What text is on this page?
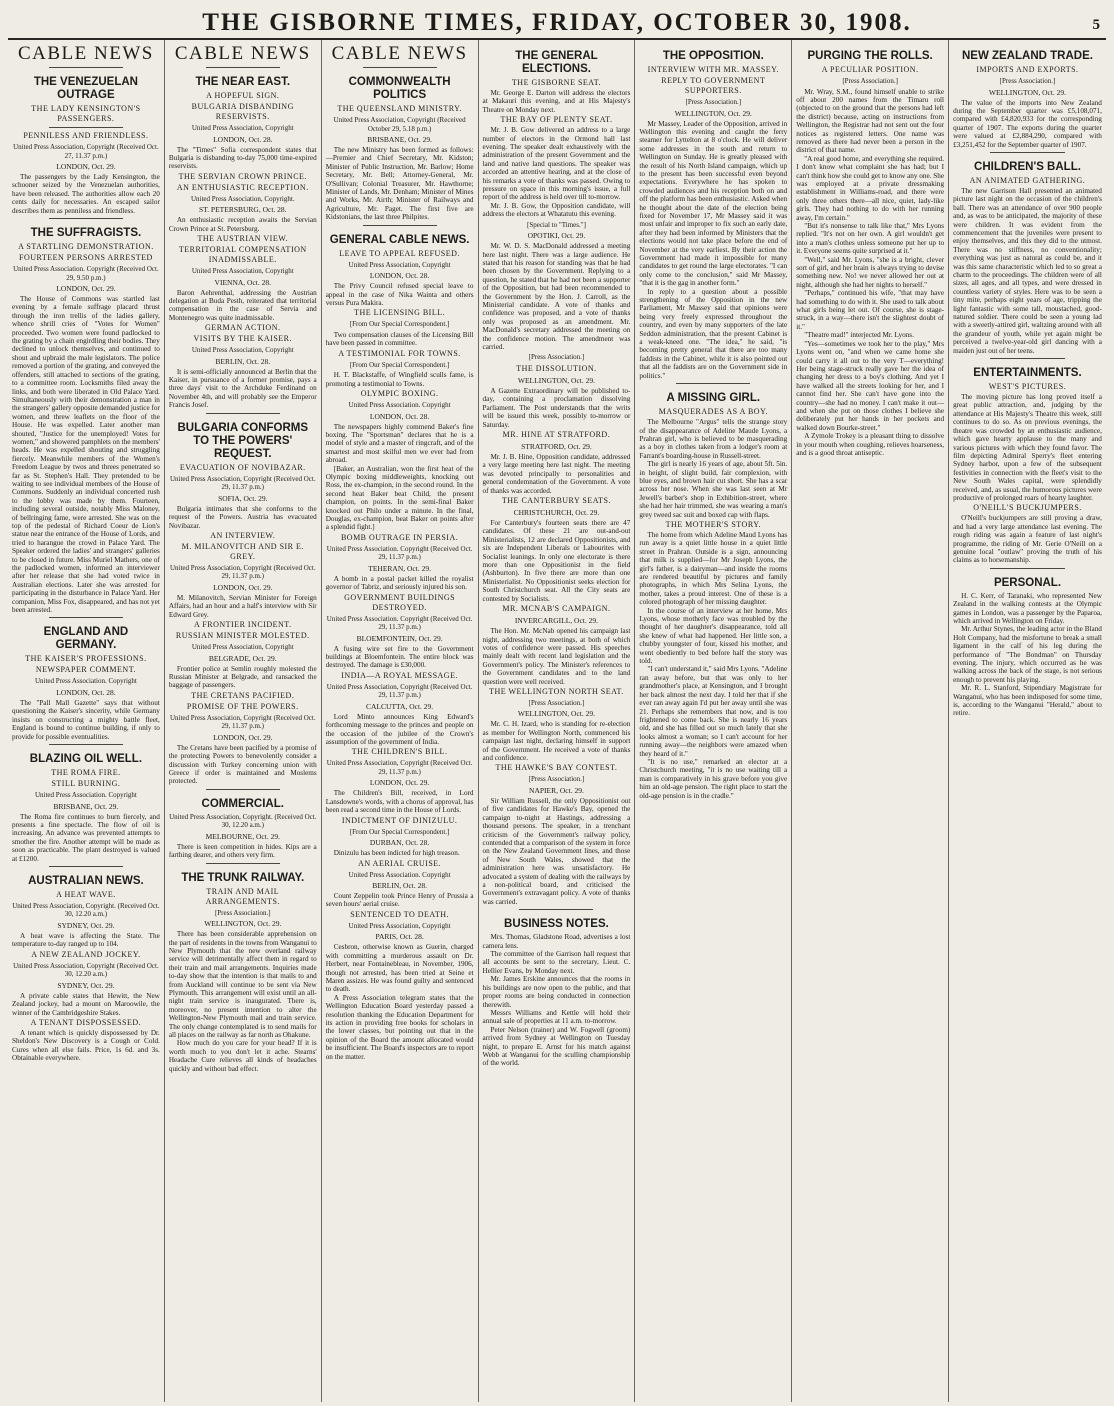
THE GISBORNE TIMES, FRIDAY, OCTOBER 30, 1908.	5
CABLE NEWS
THE VENEZUELAN OUTRAGE
THE LADY KENSINGTON'S PASSENGERS.
PENNILESS AND FRIENDLESS.
United Press Association, Copyright (Received Oct. 27, 11.37 p.m.)
LONDON, Oct. 29.

The passengers by the Lady Kensington, the schooner seized by the Venezuelan authorities, have been released. The authorities allow each 20 cents daily for necessaries. An escaped sailor describes them as penniless and friendless.

THE SUFFRAGISTS.
A STARTLING DEMONSTRATION.
FOURTEEN PERSONS ARRESTED
United Press Association. Copyright (Received Oct. 29, 9.50 p.m.)
LONDON, Oct. 29.

The House of Commons was startled last evening by a female suffrage placard thrust through the iron trellis of the ladies gallery, whence shrill cries of "Votes for Women" proceeded. Two women were found padlocked to the grating by a chain engirdling their bodies. They declined to unlock themselves, and continued to shout and upbraid the male legislators. The police removed a portion of the grating, and conveyed the offenders, still attached to sections of the grating, to a committee room. Locksmiths filed away the links, and both were liberated in Old Palace Yard. Simultaneously with their demonstration a man in the strangers' gallery opposite demanded justice for women, and threw leaflets on the floor of the House. He was expelled. Later another man shouted, "Justice for the unemployed! Votes for women," and showered pamphlets on the members' heads. He was expelled shouting and struggling fiercely. Meanwhile members of the Women's Freedom League by twos and threes penetrated so far as St. Stephen's Hall. They pretended to be waiting to see individual members of the House of Commons. Suddenly an individual concerted rush to the lobby was made by them. Fourteen, including several outside, notably Miss Maloney, of bellringing fame, were arrested. She was on the top of the pedestal of Richard Coeur de Lion's statue near the entrance of the House of Lords, and tried to harangue the crowd in Palace Yard. The Speaker ordered the ladies' and strangers' galleries to be closed in future. Miss Muriel Mathers, one of the padlocked women, informed an interviewer after her release that she had voted twice in Australian elections. Later she was arrested for participating in the disturbance in Palace Yard. Her companion, Miss Fox, disappeared, and has not yet been arrested.

ENGLAND AND GERMANY.
THE KAISER'S PROFESSIONS.
NEWSPAPER COMMENT.
United Press Association. Copyright
LONDON, Oct. 28.

The "Pall Mall Gazette" says that without questioning the Kaiser's sincerity, while Germany insists on constructing a mighty battle fleet, England is bound to continue building, if only to provide for possible eventualities.

BLAZING OIL WELL.
THE ROMA FIRE.
STILL BURNING.
United Press Association. Copyright
BRISBANE, Oct. 29.

The Roma fire continues to burn fiercely, and presents a fine spectacle. The flow of oil is increasing. An advance was prevented attempts to smother the fire. Another attempt will be made as soon as practicable. The plant destroyed is valued at £1200.

AUSTRALIAN NEWS.
A HEAT WAVE.
United Press Association, Copyright. (Received Oct. 30, 12.20 a.m.)
SYDNEY, Oct. 29.

A heat wave is affecting the State. The temperature to-day ranged up to 104.

A NEW ZEALAND JOCKEY.
United Press Association, Copyright (Received Oct. 30, 12.20 a.m.)
SYDNEY, Oct. 29.

A private cable states that Hewitt, the New Zealand jockey, had a mount on Maroowile, the winner of the Cambridgeshire Stakes.

A TENANT DISPOSSESSED.

A tenant which is quickly dispossessed by Dr. Sheldon's New Discovery is a Cough or Cold. Cures when all else fails. Price, 1s 6d. and 3s. Obtainable everywhere.

CABLE NEWS
THE NEAR EAST.
A HOPEFUL SIGN.
BULGARIA DISBANDING RESERVISTS.
United Press Association, Copyright
LONDON, Oct. 28.

The "Times" Sofia correspondent states that Bulgaria is disbanding to-day 75,000 time-expired reservists.

THE SERVIAN CROWN PRINCE.
AN ENTHUSIASTIC RECEPTION.
United Press Association, Copyright.
ST. PETERSBURG, Oct. 28.

An enthusiastic reception awaits the Servian Crown Prince at St. Petersburg.

THE AUSTRIAN VIEW.
TERRITORIAL COMPENSATION INADMISSABLE.
United Press Association, Copyright
VIENNA, Oct. 28.

Baron Aehrenthal, addressing the Austrian delegation at Buda Pesth, reiterated that territorial compensation in the case of Servia and Montenegro was quite inadmissable.

GERMAN ACTION.
VISITS BY THE KAISER.
United Press Association, Copyright
BERLIN, Oct. 28.

It is semi-officially announced at Berlin that the Kaiser, in pursuance of a former promise, pays a three days' visit to the Archduke Ferdinand on November 4th, and will probably see the Emperor Francis Josef.

BULGARIA CONFORMS TO THE POWERS' REQUEST.
EVACUATION OF NOVIBAZAR.
United Press Association, Copyright (Received Oct. 29, 11.37 p.m.)
SOFIA, Oct. 29.

Bulgaria intimates that she conforms to the request of the Powers. Austria has evacuated Novibazar.

AN INTERVIEW.
M. MILANOVITCH AND SIR E. GREY.
United Press Association, Copyright (Received Oct. 29, 11.37 p.m.)
LONDON, Oct. 29.

M. Milanovitch, Servian Minister for Foreign Affairs, had an hour and a half's interview with Sir Edward Grey.

A FRONTIER INCIDENT.
RUSSIAN MINISTER MOLESTED.
United Press Association, Copyright
BELGRADE, Oct. 29.

Frontier police at Semlin roughly molested the Russian Minister at Belgrade, and ransacked the baggage of passengers.

THE CRETANS PACIFIED.
PROMISE OF THE POWERS.
United Press Association, Copyright (Received Oct. 29, 11.37 p.m.)
LONDON, Oct. 29.

The Cretans have been pacified by a promise of the protecting Powers to benevolently consider a discussion with Turkey concerning union with Greece if order is maintained and Moslems protected.

COMMERCIAL.
United Press Association, Copyright. (Received Oct. 30, 12.20 a.m.)
MELBOURNE, Oct. 29.

There is keen competition in hides. Kips are a farthing dearer, and others very firm.

THE TRUNK RAILWAY.
TRAIN AND MAIL ARRANGEMENTS.
[Press Association.]
WELLINGTON, Oct. 29.

There has been considerable apprehension on the part of residents in the towns from Wanganui to New Plymouth that the new overland railway service will detrimentally affect them in regard to their train and mail arrangements. Inquiries made to-day show that the intention is that mails to and from Auckland will continue to be sent via New Plymouth. This arrangement will exist until an all-night train service is inaugurated. There is, moreover, no present intention to alter the Wellington-New Plymouth mail and train service. The only change contemplated is to send mails for all places on the railway as far north as Ohakune.

How much do you care for your head? If it is worth much to you don't let it ache. Stearns' Headache Cure relieves all kinds of headaches quickly and without bad effect.

CABLE NEWS
COMMONWEALTH POLITICS
THE QUEENSLAND MINISTRY.
United Press Association, Copyright (Received October 29, 5.18 p.m.)
BRISBANE, Oct. 29.

The new Ministry has been formed as follows:—Premier and Chief Secretary, Mr. Kidston; Minister of Public Instruction, Mr. Barlow; Home Secretary, Mr. Bell; Attorney-General, Mr. O'Sullivan; Colonial Treasurer, Mr. Hawthorne; Minister of Lands, Mr. Denham; Minister of Mines and Works, Mr. Airth; Minister of Railways and Agriculture, Mr. Paget. The first five are Kidstonians, the last three Philpites.

GENERAL CABLE NEWS.
LEAVE TO APPEAL REFUSED.
United Press Association, Copyright
LONDON, Oct. 28.

The Privy Council refused special leave to appeal in the case of Nika Wainta and others versus Pura Makira.

THE LICENSING BILL.
[From Our Special Correspondent.]

Two compensation clauses of the Licensing Bill have been passed in committee.

A TESTIMONIAL FOR TOWNS.
[From Our Special Correspondent.]

H. T. Blackstaffe, of Wingfield sculls fame, is promoting a testimonial to Towns.

OLYMPIC BOXING.
United Press Association. Copyright
LONDON, Oct. 28.

The newspapers highly commend Baker's fine boxing. The "Sportsman" declares that he is a model of style and a master of ringcraft, and of the smartest and most skilful men we ever had from abroad.

[Baker, an Australian, won the first heat of the Olympic boxing middleweights, knocking out Ross, the ex-champion, in the second round. In the second heat Baker beat Child, the present champion, on points. In the semi-final Baker knocked out Philo under a minute. In the final, Douglas, ex-champion, beat Baker on points after a splendid fight.]

BOMB OUTRAGE IN PERSIA.
United Press Association. Copyright (Received Oct. 29, 11.37 p.m.)
TEHERAN, Oct. 29.

A bomb in a postal packet killed the royalist governor of Tabriz, and seriously injured his son.

GOVERNMENT BUILDINGS DESTROYED.
United Press Association. Copyright (Received Oct. 29, 11.37 p.m.)
BLOEMFONTEIN, Oct. 29.

A fusing wire set fire to the Government buildings at Bloemfontein. The entire block was destroyed. The damage is £30,000.

INDIA—A ROYAL MESSAGE.
United Press Association, Copyright (Received Oct. 29, 11.37 p.m.)
CALCUTTA, Oct. 29.

Lord Minto announces King Edward's forthcoming message to the princes and people on the occasion of the jubilee of the Crown's assumption of the government of India.

THE CHILDREN'S BILL.
United Press Association, Copyright (Received Oct. 29, 11.37 p.m.)
LONDON, Oct. 29.

The Children's Bill, received, in Lord Lansdowne's words, with a chorus of approval, has been read a second time in the House of Lords.

INDICTMENT OF DINIZULU.
[From Our Special Correspondent.]
DURBAN, Oct. 28.

Dinizulu has been indicted for high treason.

AN AERIAL CRUISE.
United Press Association. Copyright
BERLIN, Oct. 28.

Count Zeppelin took Prince Henry of Prussia a seven hours' aerial cruise.

SENTENCED TO DEATH.
United Press Association, Copyright
PARIS, Oct. 28.

Cesbron, otherwise known as Guerin, charged with committing a murderous assault on Dr. Herbert, near Fontainebleau, in November, 1906, though not arrested, has been tried at Seine et Maren assizes. He was found guilty and sentenced to death.

A Press Association telegram states that the Wellington Education Board yesterday passed a resolution thanking the Education Department for its action in providing free books for scholars in the lower classes, but pointing out that in the opinion of the Board the amount allocated would be insufficient. The Board's inspectors are to report on the matter.

THE GENERAL ELECTIONS.
THE GISBORNE SEAT.

Mr. George E. Darton will address the electors at Makauri this evening, and at His Majesty's Theatre on Monday next.

THE BAY OF PLENTY SEAT.

Mr. J. B. Gow delivered an address to a large number of electors in the Ormond hall last evening. The speaker dealt exhaustively with the administration of the present Government and the land and native land questions. The speaker was accorded an attentive hearing, and at the close of his remarks a vote of thanks was passed. Owing to pressure on space in this morning's issue, a full report of the address is held over till to-morrow.

Mr. J. B. Gow, the Opposition candidate, will address the electors at Whatatutu this evening.

[Special to "Times."]
OPOTIKI, Oct. 29.

Mr. W. D. S. MacDonald addressed a meeting here last night. There was a large audience. He stated that his reason for standing was that he had been chosen by the Government. Replying to a question, he stated that he had not been a supporter of the Opposition, but had been recommended to the Government by the Hon. J. Carroll, as the Ministerial candidate. A vote of thanks and confidence was proposed, and a vote of thanks only was proposed as an amendment. Mr. MacDonald's secretary addressed the meeting on the confidence motion. The amendment was carried.

[Press Association.]
THE DISSOLUTION.
WELLINGTON, Oct. 29.

A Gazette Extraordinary will be published to-day, containing a proclamation dissolving Parliament. The Post understands that the writs will be issued this week, possibly to-morrow or Saturday.

MR. HINE AT STRATFORD.
STRATFORD, Oct. 29.

Mr. J. B. Hine, Opposition candidate, addressed a very large meeting here last night. The meeting was devoted principally to personalities and general condemnation of the Government. A vote of thanks was accorded.

THE CANTERBURY SEATS.
CHRISTCHURCH, Oct. 29.

For Canterbury's fourteen seats there are 47 candidates. Of these 21 are out-and-out Ministerialists, 12 are declared Oppositionists, and six are Independent Liberals or Labourites with Socialist leanings. In only one electorate is there more than one Oppositionist in the field (Ashburton). In five there are more than one Ministerialist. No Oppositionist seeks election for South Christchurch seat. All the City seats are contested by Socialists.

MR. MCNAB'S CAMPAIGN.
INVERCARGILL, Oct. 29.

The Hon. Mr. McNab opened his campaign last night, addressing two meetings, at both of which votes of confidence were passed. His speeches mainly dealt with recent land legislation and the Government's policy. The Minister's references to the Government candidates and to the land question were well received.

THE WELLINGTON NORTH SEAT.
[Press Association.]
WELLINGTON, Oct. 29.

Mr. C. H. Izard, who is standing for re-election as member for Wellington North, commenced his campaign last night, declaring himself in support of the Government. He received a vote of thanks and confidence.

THE HAWKE'S BAY CONTEST.
[Press Association.]
NAPIER, Oct. 29.

Sir William Russell, the only Oppositionist out of five candidates for Hawke's Bay, opened the campaign to-night at Hastings, addressing a thousand persons. The speaker, in a trenchant criticism of the Government's railway policy, contended that a comparison of the system in force on the New Zealand Government lines, and those of New South Wales, showed that the administration here was unsatisfactory. He advocated a system of dealing with the railways by a non-political board, and criticised the Government's extravagant policy. A vote of thanks was carried.

BUSINESS NOTES.

Mrs. Thomas, Gladstone Road, advertises a lost camera lens.

The committee of the Garrison hall request that all accounts be sent to the secretary, Lieut. C. Hellier Evans, by Monday next.

Mr. James Erskine announces that the rooms in his buildings are now open to the public, and that proper rooms are being conducted in connection therewith.

Messrs Williams and Kettle will hold their annual sale of properties at 11 a.m. to-morrow.

Peter Nelson (trainer) and W. Fogwell (groom) arrived from Sydney at Wellington on Tuesday night, to prepare E. Arnst for his match against Webb at Wanganui for the sculling championship of the world.

THE OPPOSITION.
INTERVIEW WITH MR. MASSEY.
REPLY TO GOVERNMENT SUPPORTERS.
[Press Association.]
WELLINGTON, Oct. 29.

Mr Massey, Leader of the Opposition, arrived in Wellington this evening and caught the ferry steamer for Lyttelton at 8 o'clock. He will deliver some addresses in the south and return to Wellington on Sunday. He is greatly pleased with the result of his North Island campaign, which up to the present has been successful even beyond expectations. Everywhere he has spoken to crowded audiences and his reception both on and off the platform has been enthusiastic. Asked when he thought about the date of the election being fixed for November 17, Mr Massey said it was most unfair and improper to fix such an early date, after they had been informed by Ministers that the elections would not take place before the end of November at the very earliest. By their action the Government had made it impossible for many candidates to get round the large electorates. "I can only come to the conclusion," said Mr Massey, "that it is the gag in another form."

In reply to a question about a possible strengthening of the Opposition in the new Parliament, Mr Massey said that opinions were being very freely expressed throughout the country, and even by many supporters of the late Seddon administration, that the present Cabinet is a weak-kneed one. "The idea," he said, "is becoming pretty general that there are too many faddists in the Cabinet, while it is also pointed out that all the faddists are on the Government side in politics."

A MISSING GIRL.
MASQUERADES AS A BOY.

The Melbourne "Argus" tells the strange story of the disappearance of Adeline Maude Lyons, a Prahran girl, who is believed to be masquerading as a boy in clothes taken from a lodger's room at Farrant's boarding-house in Russell-street.

The girl is nearly 16 years of age, about 5ft. 5in. in height, of slight build, fair complexion, with blue eyes, and brown hair cut short. She has a scar across her nose. When she was last seen at Mr Jewell's barber's shop in Exhibition-street, where she had her hair trimmed, she was wearing a man's grey tweed sac suit and boxed cap with flaps.

THE MOTHER'S STORY.

The home from which Adeline Maud Lyons has run away is a quiet little house in a quiet little street in Prahran. Outside is a sign, announcing that milk is supplied—for Mr Joseph Lyons, the girl's father, is a dairyman—and inside the rooms are rendered beautiful by pictures and family photographs, in which Mrs Selina Lyons, the mother, takes a proud interest. One of these is a colored photograph of her missing daughter.

In the course of an interview at her home, Mrs Lyons, whose motherly face was troubled by the thought of her daughter's disappearance, told all she knew of what had happened. Her little son, a chubby youngster of four, kissed his mother, and went obediently to bed before half the story was told.

"I can't understand it," said Mrs Lyons. "Adeline ran away before, but that was only to her grandmother's place, at Kensington, and I brought her back almost the next day. I told her that if she ever ran away again I'd put her away until she was 21. Perhaps she remembers that now, and is too frightened to come back. She is nearly 16 years old, and she has filled out so much lately that she looks almost a woman; so I can't account for her running away—the neighbors were amazed when they heard of it."

"It is no use," remarked an elector at a Christchurch meeting, "it is no use waiting till a man is comparatively in his grave before you give him an old-age pension. The right place to start the old-age pension is in the cradle."

PURGING THE ROLLS.
A PECULIAR POSITION.
[Press Association.]

Mr. Wray, S.M., found himself unable to strike off about 200 names from the Timaru roll (objected to on the ground that the persons had left the district) because, acting on instructions from Wellington, the Registrar had not sent out the four notices as registered letters. One name was removed as there had never been a person in the district of that name.

"A real good home, and everything she required. I don't know what complaint she has had; but I can't think how she could get to know any one. She was employed at a private dressmaking establishment in Williams-road, and there were only three others there—all nice, quiet, lady-like girls. They had nothing to do with her running away, I'm certain."

"But it's nonsense to talk like that," Mrs Lyons replied. "It's not on her own. A girl wouldn't get into a man's clothes unless someone put her up to it. Everyone seems quite surprised at it."

"Well," said Mr. Lyons, "she is a bright, clever sort of girl, and her brain is always trying to devise something new. No! we never allowed her out at night, although she had her nights to herself."

"Perhaps," continued his wife, "that may have had something to do with it. She used to talk about what girls being let out. Of course, she is stage-struck, in a way—there isn't the slightest doubt of it."

"Theatre mad!" interjected Mr. Lyons.

"Yes—sometimes we took her to the play," Mrs Lyons went on, "and when we came home she could carry it all out to the very T—everything! Her being stage-struck really gave her the idea of changing her dress to a boy's clothing. And yet I have walked all the streets looking for her, and I cannot find her. She can't have gone into the country—she had no money. I can't make it out—and when she put on those clothes I believe she deliberately put her hands in her pockets and walked down Bourke-street."

A Zymole Trokey is a pleasant thing to dissolve in your mouth when coughing, relieves hoarseness, and is a good throat antiseptic.

NEW ZEALAND TRADE.
IMPORTS AND EXPORTS.
[Press Association.]
WELLINGTON, Oct. 29.

The value of the imports into New Zealand during the September quarter was £5,108,071, compared with £4,820,933 for the corresponding quarter of 1907. The exports during the quarter were valued at £2,884,290, compared with £3,251,452 for the September quarter of 1907.

CHILDREN'S BALL.
AN ANIMATED GATHERING.

The new Garrison Hall presented an animated picture last night on the occasion of the children's ball. There was an attendance of over 900 people and, as was to be anticipated, the majority of these were children. It was evident from the commencement that the juveniles were present to enjoy themselves, and this they did to the utmost. There was no stiffness, no conventionality; everything was just as natural as could be, and it was this same characteristic which led to so great a charm to the proceedings. The children were of all sizes, all ages, and all types, and were dressed in countless variety of styles. Here was to be seen a tiny mite, perhaps eight years of age, tripping the light fantastic with some tall, moustached, good-natured soldier. There could be seen a young lad with a sweetly-attired girl, waltzing around with all the grandeur of youth, while yet again might be perceived a twelve-year-old girl dancing with a maiden just out of her teens.

ENTERTAINMENTS.
WEST'S PICTURES.

The moving picture has long proved itself a great public attraction, and, judging by the attendance at His Majesty's Theatre this week, still continues to do so. As on previous evenings, the theatre was crowded by an enthusiastic audience, which gave hearty applause to the many and various pictures with which they found favor. The film depicting Admiral Sperry's fleet entering Sydney harbor, upon a few of the subsequent festivities in connection with the fleet's visit to the New South Wales capital, were splendidly received, and, as usual, the humorous pictures were productive of prolonged roars of hearty laughter.

O'NEILL'S BUCKJUMPERS.

O'Neill's buckjumpers are still proving a draw, and had a very large attendance last evening. The rough riding was again a feature of last night's programme, the riding of Mr. Gerie O'Neill on a genuine local "outlaw" proving the truth of his claims as to horsemanship.

PERSONAL.

H. C. Kerr, of Taranaki, who represented New Zealand in the walking contests at the Olympic games in London, was a passenger by the Paparoa, which arrived in Wellington on Friday.

Mr. Arthur Stynes, the leading actor in the Bland Holt Company, had the misfortune to break a small ligament in the calf of his leg during the performance of "The Bondman" on Thursday evening. The injury, which occurred as he was walking across the back of the stage, is not serious enough to prevent his playing.

Mr. R. L. Stanford, Stipendiary Magistrate for Wanganui, who has been indisposed for some time, is, according to the Wanganui "Herald," about to retire.
